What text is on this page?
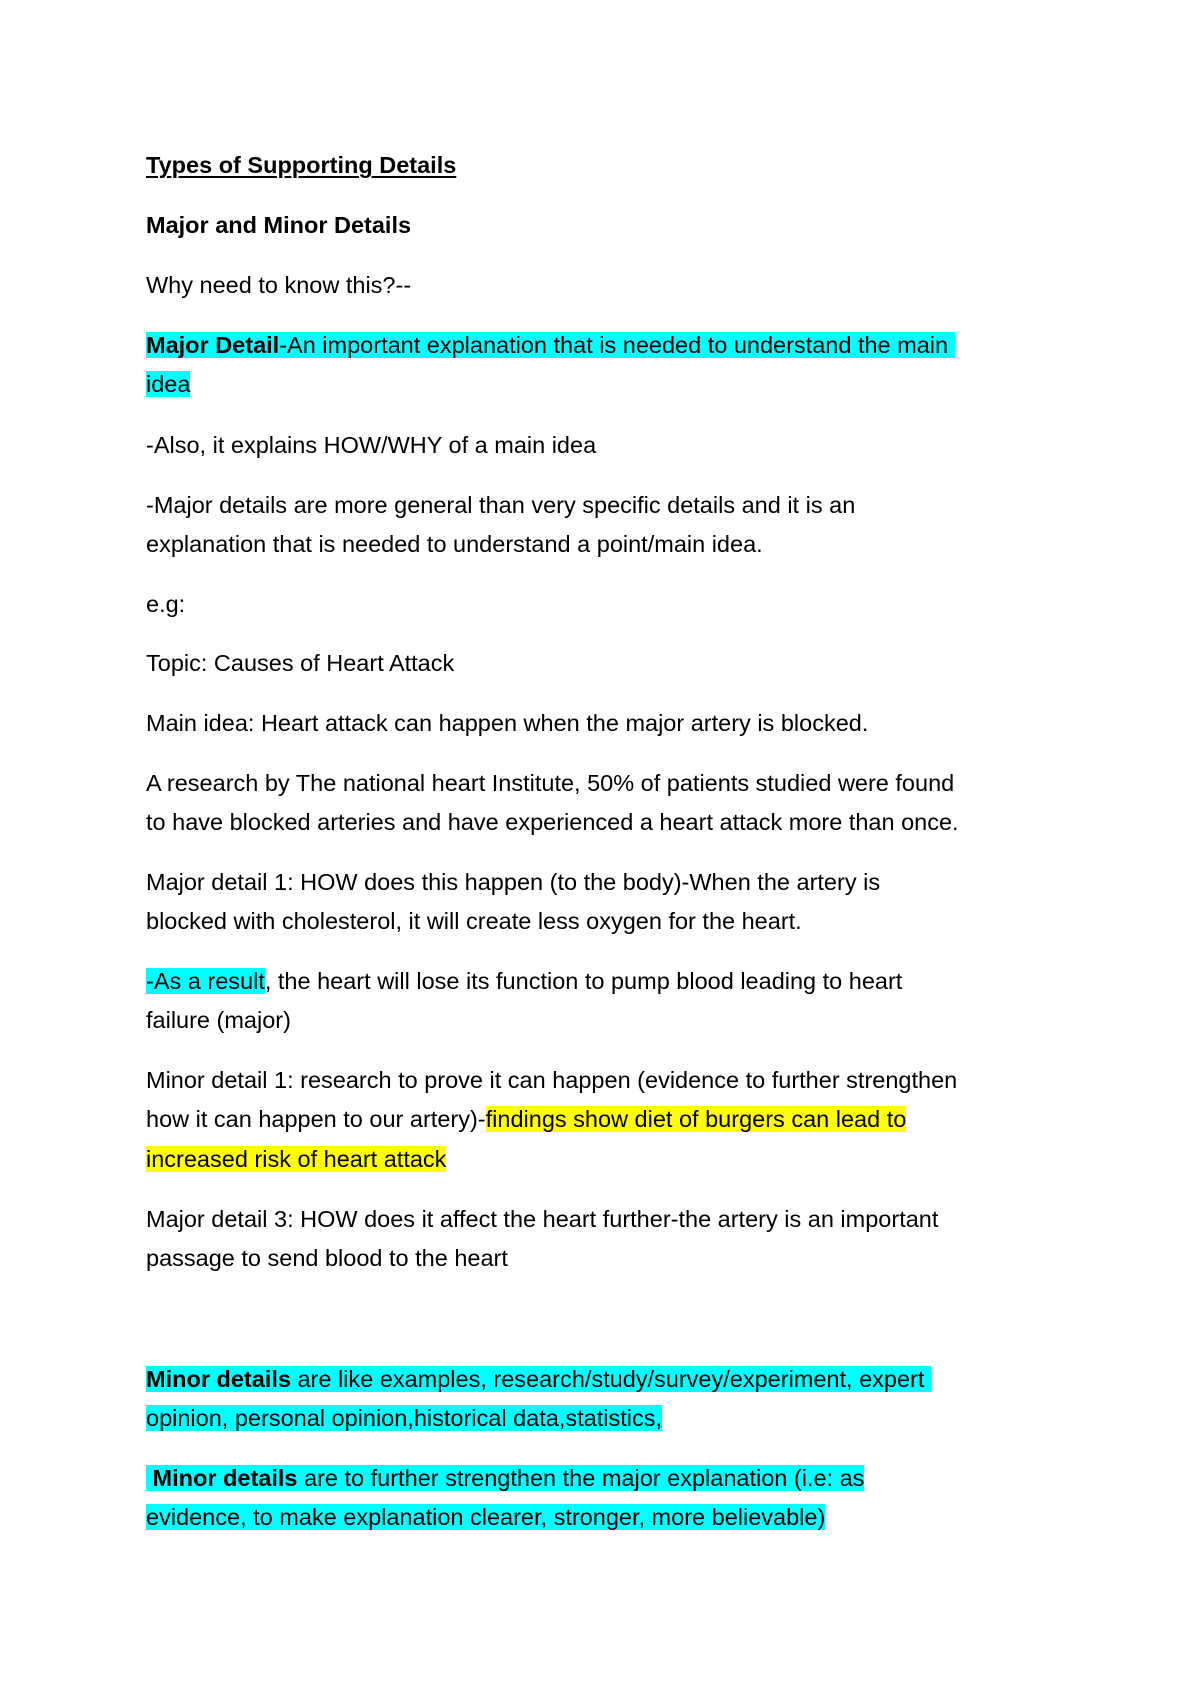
Types of Supporting Details

Major and Minor Details

Why need to know this?--

Major Detail-An important explanation that is needed to understand the main

idea

-Also, it explains HOW/WHY of a main idea

-Major details are more general than very specific details and it is an

explanation that is needed to understand a point/main idea.

e.g:

Topic: Causes of Heart Attack

Main idea: Heart attack can happen when the major artery is blocked.

A research by The national heart Institute, 50% of patients studied were found

to have blocked arteries and have experienced a heart attack more than once.

Major detail 1: HOW does this happen (to the body)-When the artery is

blocked with cholesterol, it will create less oxygen for the heart.

-As a result, the heart will lose its function to pump blood leading to heart

failure (major)

Minor detail 1: research to prove it can happen (evidence to further strengthen

how it can happen to our artery)-findings show diet of burgers can lead to

increased risk of heart attack

Major detail 3: HOW does it affect the heart further-the artery is an important

passage to send blood to the heart

Minor details are like examples, research/study/survey/experiment, expert

opinion, personal opinion,historical data,statistics,

Minor details are to further strengthen the major explanation (i.e: as

evidence, to make explanation clearer, stronger, more believable)
